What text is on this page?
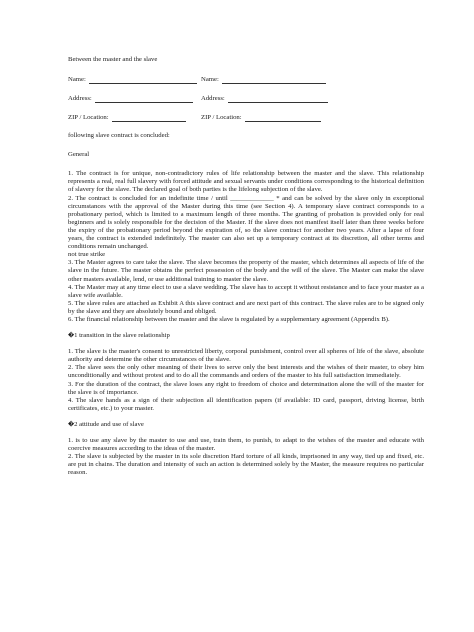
Between the master and the slave

Name:	Name:
Address:	Address:
ZIP / Location:	ZIP / Location:

following slave contract is concluded:

General

1. The contract is for unique, non-contradictory rules of life relationship between the master and the slave. This relationship represents a real, real full slavery with forced attitude and sexual servants under conditions corresponding to the historical definition of slavery for the slave. The declared goal of both parties is the lifelong subjection of the slave.

2. The contract is concluded for an indefinite time / until _____________ * and can be solved by the slave only in exceptional circumstances with the approval of the Master during this time (see Section 4). A temporary slave contract corresponds to a probationary period, which is limited to a maximum length of three months. The granting of probation is provided only for real beginners and is solely responsible for the decision of the Master. If the slave does not manifest itself later than three weeks before the expiry of the probationary period beyond the expiration of, so the slave contract for another two years. After a lapse of four years, the contract is extended indefinitely. The master can also set up a temporary contract at its discretion, all other terms and conditions remain unchanged.

not true strike

3. The Master agrees to care take the slave. The slave becomes the property of the master, which determines all aspects of life of the slave in the future. The master obtains the perfect possession of the body and the will of the slave. The Master can make the slave other masters available, lend, or use additional training to master the slave.

4. The Master may at any time elect to use a slave wedding. The slave has to accept it without resistance and to face your master as a slave wife available.

5. The slave rules are attached as Exhibit A this slave contract and are next part of this contract. The slave rules are to be signed only by the slave and they are absolutely bound and obliged.

6. The financial relationship between the master and the slave is regulated by a supplementary agreement (Appendix B).

�1 transition in the slave relationship

1. The slave is the master's consent to unrestricted liberty, corporal punishment, control over all spheres of life of the slave, absolute authority and determine the other circumstances of the slave.

2. The slave sees the only other meaning of their lives to serve only the best interests and the wishes of their master, to obey him unconditionally and without protest and to do all the commands and orders of the master to his full satisfaction immediately.

3. For the duration of the contract, the slave loses any right to freedom of choice and determination alone the will of the master for the slave is of importance.

4. The slave hands as a sign of their subjection all identification papers (if available: ID card, passport, driving license, birth certificates, etc.) to your master.

�2 attitude and use of slave

1. is to use any slave by the master to use and use, train them, to punish, to adapt to the wishes of the master and educate with coercive measures according to the ideas of the master.

2. The slave is subjected by the master in its sole discretion Hard torture of all kinds, imprisoned in any way, tied up and fixed, etc. are put in chains. The duration and intensity of such an action is determined solely by the Master, the measure requires no particular reason.
